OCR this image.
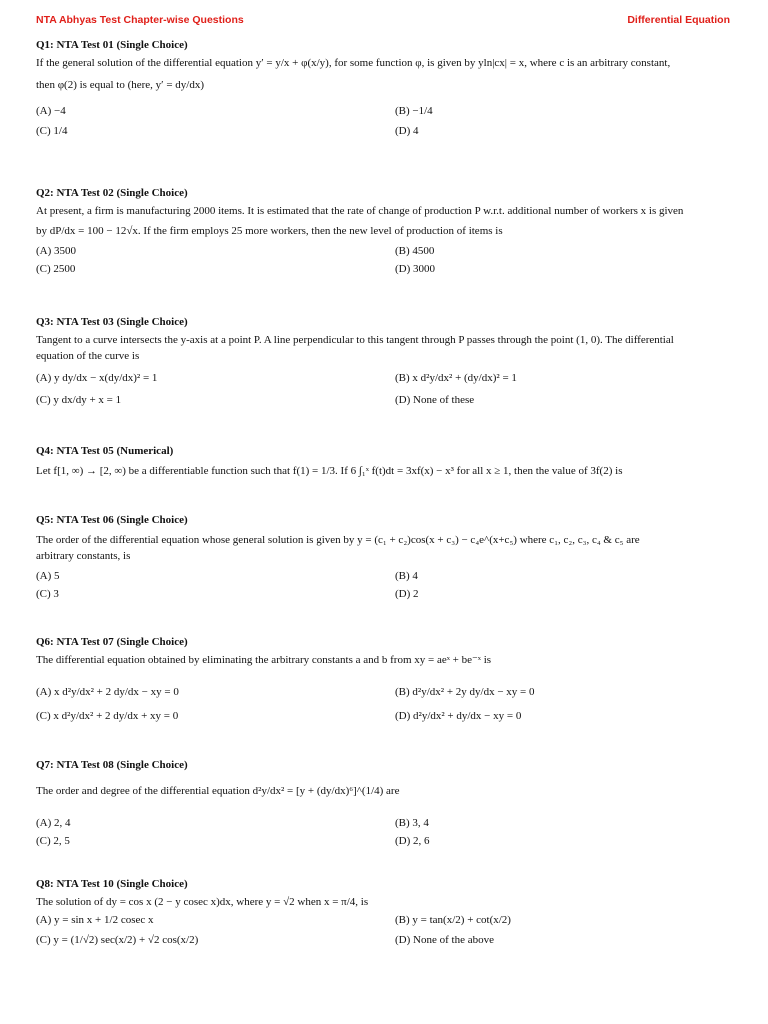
NTA Abhyas Test Chapter-wise Questions	Differential Equation
Q1: NTA Test 01 (Single Choice)
If the general solution of the differential equation y′ = y/x + φ(x/y), for some function φ, is given by yln|cx| = x, where c is an arbitrary constant,
then φ(2) is equal to (here, y′ = dy/dx)
(A) −4	(B) −1/4
(C) 1/4	(D) 4
Q2: NTA Test 02 (Single Choice)
At present, a firm is manufacturing 2000 items. It is estimated that the rate of change of production P w.r.t. additional number of workers x is given
by dP/dx = 100 − 12√x. If the firm employs 25 more workers, then the new level of production of items is
(A) 3500	(B) 4500
(C) 2500	(D) 3000
Q3: NTA Test 03 (Single Choice)
Tangent to a curve intersects the y-axis at a point P. A line perpendicular to this tangent through P passes through the point (1, 0). The differential
equation of the curve is
(A) y dy/dx − x(dy/dx)² = 1	(B) x d²y/dx² + (dy/dx)² = 1
(C) y dx/dy + x = 1	(D) None of these
Q4: NTA Test 05 (Numerical)
Let f[1, ∞) → [2, ∞) be a differentiable function such that f(1) = 1/3. If 6 ∫₁ˣ f(t)dt = 3xf(x) − x³ for all x ≥ 1, then the value of 3f(2) is
Q5: NTA Test 06 (Single Choice)
The order of the differential equation whose general solution is given by y = (c₁ + c₂)cos(x + c₃) − c₄e^(x+c₅) where c₁, c₂, c₃, c₄ & c₅ are
arbitrary constants, is
(A) 5	(B) 4
(C) 3	(D) 2
Q6: NTA Test 07 (Single Choice)
The differential equation obtained by eliminating the arbitrary constants a and b from xy = aeˣ + be⁻ˣ is
(A) x d²y/dx² + 2 dy/dx − xy = 0	(B) d²y/dx² + 2y dy/dx − xy = 0
(C) x d²y/dx² + 2 dy/dx + xy = 0	(D) d²y/dx² + dy/dx − xy = 0
Q7: NTA Test 08 (Single Choice)
The order and degree of the differential equation d²y/dx² = [y + (dy/dx)⁶]^(1/4) are
(A) 2, 4	(B) 3, 4
(C) 2, 5	(D) 2, 6
Q8: NTA Test 10 (Single Choice)
The solution of dy = cos x (2 − y cosec x)dx, where y = √2 when x = π/4, is
(A) y = sin x + 1/2 cosec x	(B) y = tan(x/2) + cot(x/2)
(C) y = (1/√2) sec(x/2) + √2 cos(x/2)	(D) None of the above
